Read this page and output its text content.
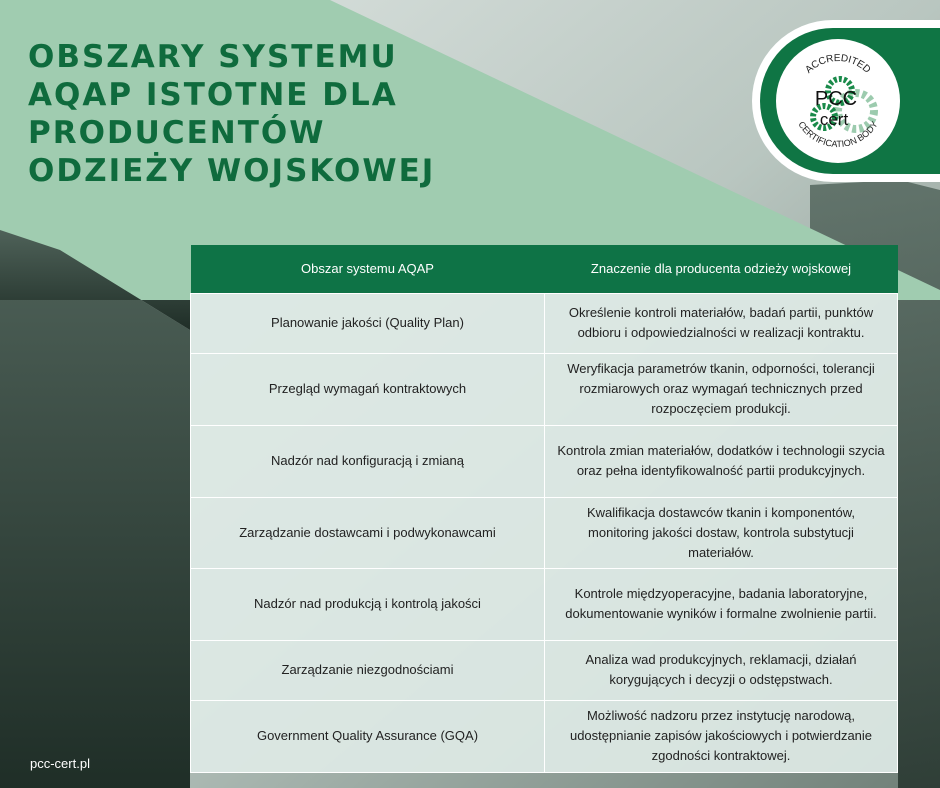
OBSZARY SYSTEMU AQAP ISTOTNE DLA PRODUCENTÓW ODZIEŻY WOJSKOWEJ
ACCREDITED
CERTIFICATION BODY
PCC
cert
Obszar systemu AQAP	Znaczenie dla producenta odzieży wojskowej
Planowanie jakości (Quality Plan)	Określenie kontroli materiałów, badań partii, punktów odbioru i odpowiedzialności w realizacji kontraktu.
Przegląd wymagań kontraktowych	Weryfikacja parametrów tkanin, odporności, tolerancji rozmiarowych oraz wymagań technicznych przed rozpoczęciem produkcji.
Nadzór nad konfiguracją i zmianą	Kontrola zmian materiałów, dodatków i technologii szycia oraz pełna identyfikowalność partii produkcyjnych.
Zarządzanie dostawcami i podwykonawcami	Kwalifikacja dostawców tkanin i komponentów, monitoring jakości dostaw, kontrola substytucji materiałów.
Nadzór nad produkcją i kontrolą jakości	Kontrole międzyoperacyjne, badania laboratoryjne, dokumentowanie wyników i formalne zwolnienie partii.
Zarządzanie niezgodnościami	Analiza wad produkcyjnych, reklamacji, działań korygujących i decyzji o odstępstwach.
Government Quality Assurance (GQA)	Możliwość nadzoru przez instytucję narodową, udostępnianie zapisów jakościowych i potwierdzanie zgodności kontraktowej.
pcc-cert.pl
